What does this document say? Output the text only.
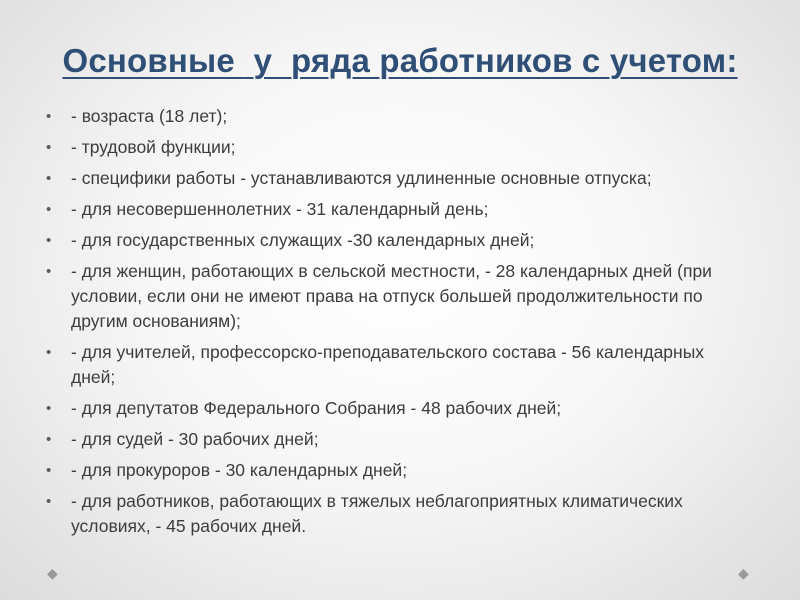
Основные  у  ряда работников с учетом:
•	- возраста (18 лет);
•	- трудовой функции;
•	- специфики работы - устанавливаются удлиненные основные отпуска;
•	- для несовершеннолетних - 31 календарный день;
•	- для государственных служащих -30 календарных дней;
•	- для женщин, работающих в сельской местности, - 28 календарных дней (при условии, если они не имеют права на отпуск большей продолжительности по другим основаниям);
•	- для учителей, профессорско-преподавательского состава - 56 календарных дней;
•	- для депутатов Федерального Собрания - 48 рабочих дней;
•	- для судей - 30 рабочих дней;
•	- для прокуроров - 30 календарных дней;
•	- для работников, работающих в тяжелых неблагоприятных климатических условиях, - 45 рабочих дней.
◆	◆
